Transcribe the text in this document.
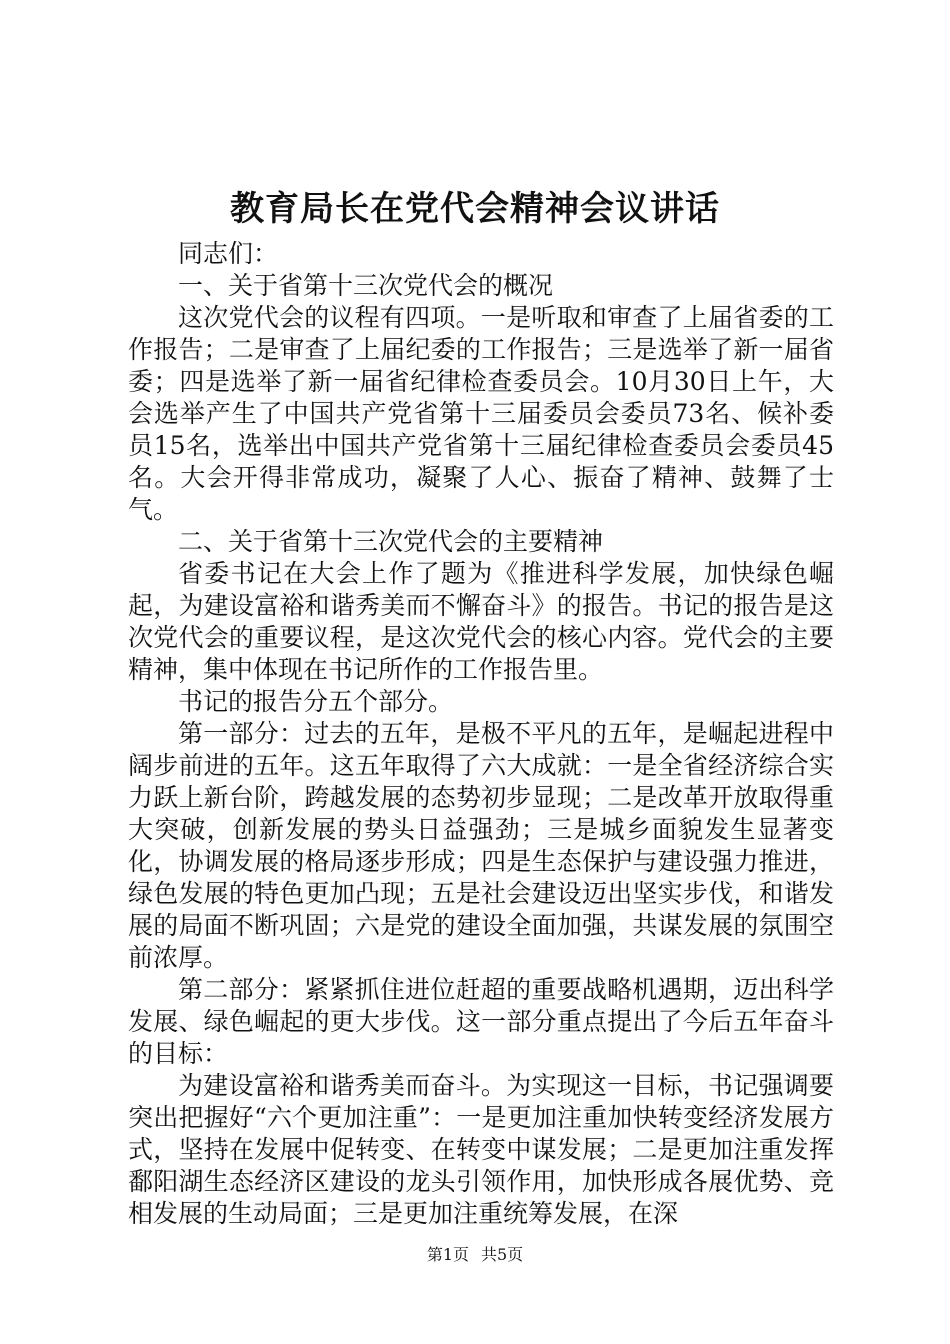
教育局长在党代会精神会议讲话

同志们：

一、关于省第十三次党代会的概况

这次党代会的议程有四项。一是听取和审查了上届省委的工作报告；二是审查了上届纪委的工作报告；三是选举了新一届省委；四是选举了新一届省纪律检查委员会。10月30日上午，大会选举产生了中国共产党省第十三届委员会委员73名、候补委员15名，选举出中国共产党省第十三届纪律检查委员会委员45名。大会开得非常成功，凝聚了人心、振奋了精神、鼓舞了士气。

二、关于省第十三次党代会的主要精神

省委书记在大会上作了题为《推进科学发展，加快绿色崛起，为建设富裕和谐秀美而不懈奋斗》的报告。书记的报告是这次党代会的重要议程，是这次党代会的核心内容。党代会的主要精神，集中体现在书记所作的工作报告里。

书记的报告分五个部分。

第一部分：过去的五年，是极不平凡的五年，是崛起进程中阔步前进的五年。这五年取得了六大成就：一是全省经济综合实力跃上新台阶，跨越发展的态势初步显现；二是改革开放取得重大突破，创新发展的势头日益强劲；三是城乡面貌发生显著变化，协调发展的格局逐步形成；四是生态保护与建设强力推进，绿色发展的特色更加凸现；五是社会建设迈出坚实步伐，和谐发展的局面不断巩固；六是党的建设全面加强，共谋发展的氛围空前浓厚。

第二部分：紧紧抓住进位赶超的重要战略机遇期，迈出科学发展、绿色崛起的更大步伐。这一部分重点提出了今后五年奋斗的目标：

为建设富裕和谐秀美而奋斗。为实现这一目标，书记强调要突出把握好“六个更加注重”：一是更加注重加快转变经济发展方式，坚持在发展中促转变、在转变中谋发展；二是更加注重发挥鄱阳湖生态经济区建设的龙头引领作用，加快形成各展优势、竞相发展的生动局面；三是更加注重统筹发展，在深

第1页 共5页
